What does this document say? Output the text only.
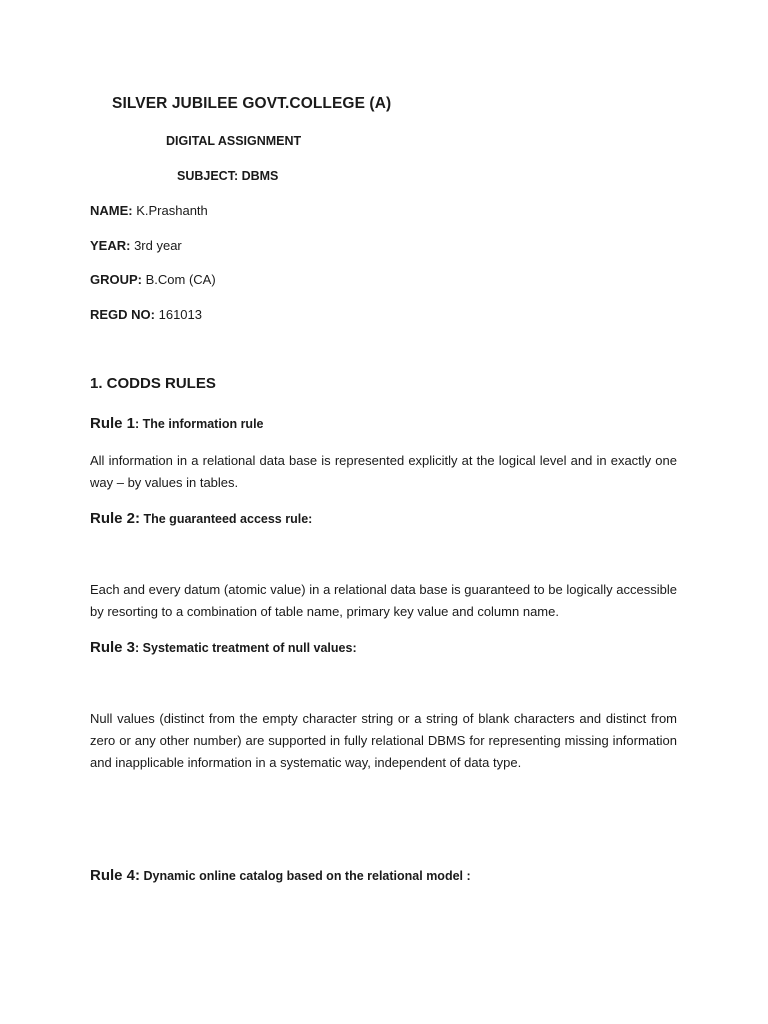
SILVER JUBILEE GOVT.COLLEGE (A)
DIGITAL ASSIGNMENT
SUBJECT: DBMS
NAME: K.Prashanth
YEAR: 3rd year
GROUP: B.Com (CA)
REGD NO: 161013
1. CODDS RULES
Rule 1: The information rule
All information in a relational data base is represented explicitly at the logical level and in exactly one way – by values in tables.
Rule 2: The guaranteed access rule:
Each and every datum (atomic value) in a relational data base is guaranteed to be logically accessible by resorting to a combination of table name, primary key value and column name.
Rule 3: Systematic treatment of null values:
Null values (distinct from the empty character string or a string of blank characters and distinct from zero or any other number) are supported in fully relational DBMS for representing missing information and inapplicable information in a systematic way, independent of data type.
Rule 4: Dynamic online catalog based on the relational model :
